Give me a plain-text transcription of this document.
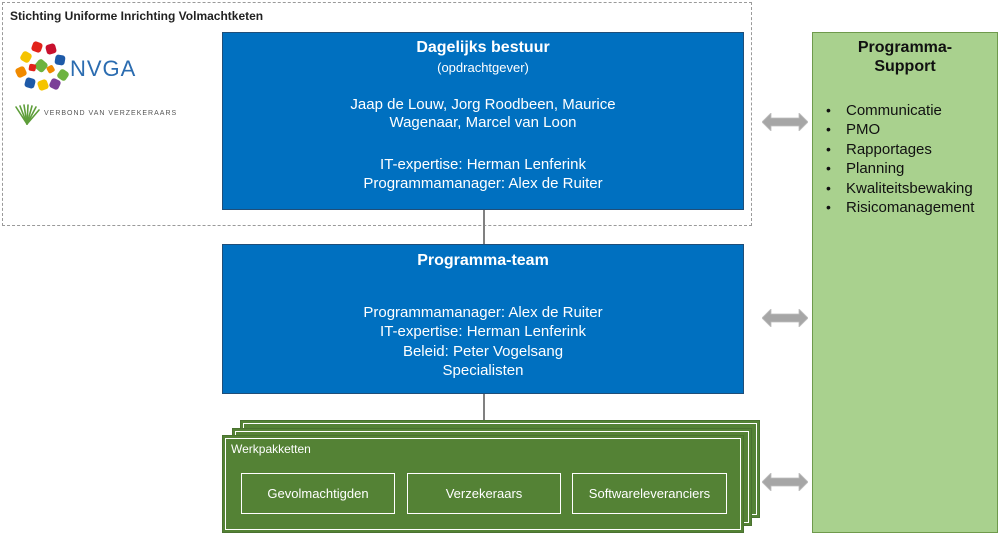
Stichting Uniforme Inrichting Volmachtketen
NVGA
VERBOND VAN VERZEKERAARS
Dagelijks bestuur
(opdrachtgever)
Jaap de Louw, Jorg Roodbeen, Maurice
Wagenaar, Marcel van Loon
IT-expertise: Herman Lenferink
Programmamanager: Alex de Ruiter
Programma-team
Programmamanager: Alex de Ruiter
IT-expertise: Herman Lenferink
Beleid: Peter Vogelsang
Specialisten
Werkpakketten
Gevolmachtigden	Verzekeraars	Softwareleveranciers
Programma-
Support
• Communicatie
• PMO
• Rapportages
• Planning
• Kwaliteitsbewaking
• Risicomanagement
